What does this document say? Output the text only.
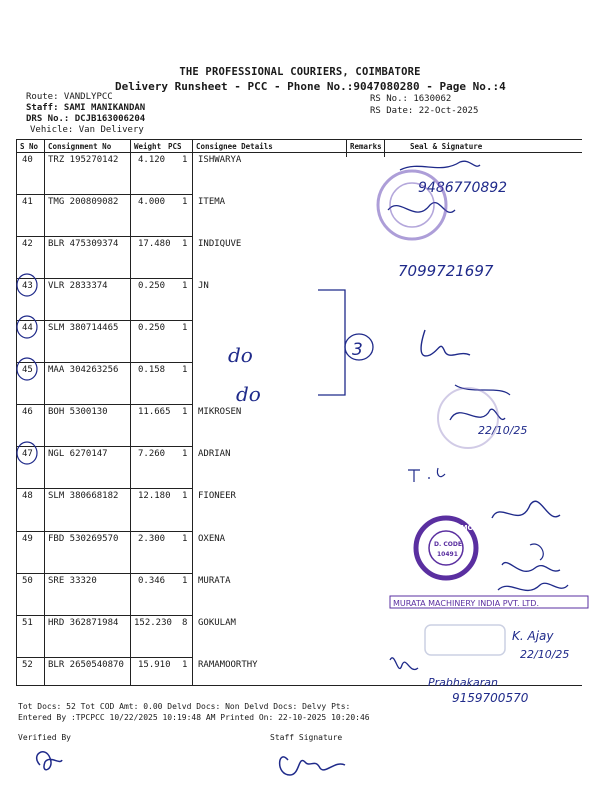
THE PROFESSIONAL COURIERS, COIMBATORE
Delivery Runsheet - PCC - Phone No.:9047080280 - Page No.:4
Route: VANDLYPCC
Staff: SAMI MANIKANDAN
DRS No.: DCJB163006204
Vehicle: Van Delivery
RS No.: 1630062
RS Date: 22-Oct-2025
S No Consignment No	Weight PCS Consignee Details	Remarks	Seal & Signature
40 TRZ 195270142 4.120 1 ISHWARYA
41 TMG 200809082 4.000 1 ITEMA
42 BLR 475309374 17.480 1 INDIQUVE
43 VLR 2833374	0.250 1 JN
44 SLM 380714465 0.250 1
45 MAA 304263256 0.158 1
46 BOH 5300130	11.665 1 MIKROSEN
47 NGL 6270147	7.260 1 ADRIAN
48 SLM 380668182 12.180 1 FIONEER
49 FBD 530269570 2.300 1 OXENA
50 SRE 33320	0.346 1 MURATA
51 HRD 362871984 152.230 8 GOKULAM
52 BLR 2650540870 15.910 1 RAMAMOORTHY
3
do
do
9486770892
7099721697
22/10/25
K. Ajay
22/10/25
Prabhakaran
9159700570
OXENA MOTORS
D. CODE
10491
CBE
MURATA MACHINERY INDIA PVT. LTD.
Tot Docs: 52 Tot COD Amt: 0.00 Delvd Docs: Non Delvd Docs: Delvy Pts:
Entered By :TPCPCC 10/22/2025 10:19:48 AM Printed On: 22-10-2025 10:20:46
Verified By	Staff Signature
